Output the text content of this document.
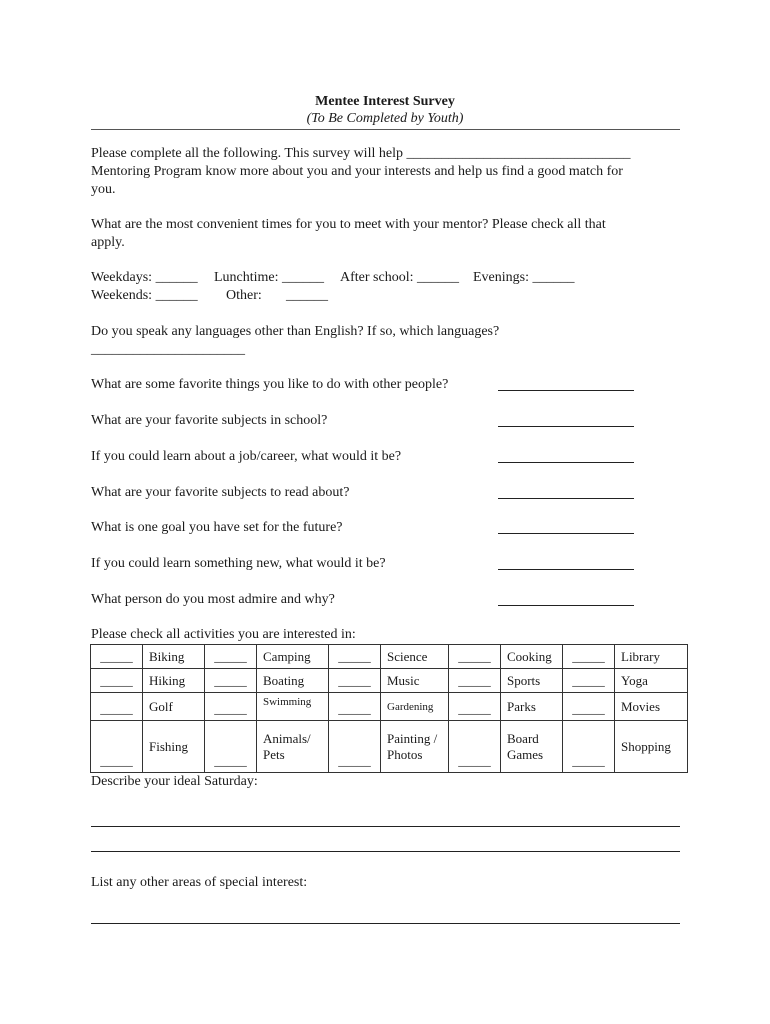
Mentee Interest Survey
(To Be Completed by Youth)
Please complete all the following. This survey will help ________________________________
Mentoring Program know more about you and your interests and help us find a good match for
you.
What are the most convenient times for you to meet with your mentor? Please check all that
apply.
Weekdays: ______ Lunchtime: ______ After school: ______ Evenings: ______
Weekends: ______ Other: ______
Do you speak any languages other than English? If so, which languages?
______________________
What are some favorite things you like to do with other people?
What are your favorite subjects in school?
If you could learn about a job/career, what would it be?
What are your favorite subjects to read about?
What is one goal you have set for the future?
If you could learn something new, what would it be?
What person do you most admire and why?
Please check all activities you are interested in:
_____	Biking	_____	Camping	_____	Science	_____	Cooking	_____	Library
_____	Hiking	_____	Boating	_____	Music	_____	Sports	_____	Yoga
_____	Golf	_____	Swimming	_____	Gardening	_____	Parks	_____	Movies
_____	Fishing	_____	Animals/ Pets	_____	Painting / Photos	_____	Board Games	_____	Shopping
Describe your ideal Saturday:
List any other areas of special interest:
